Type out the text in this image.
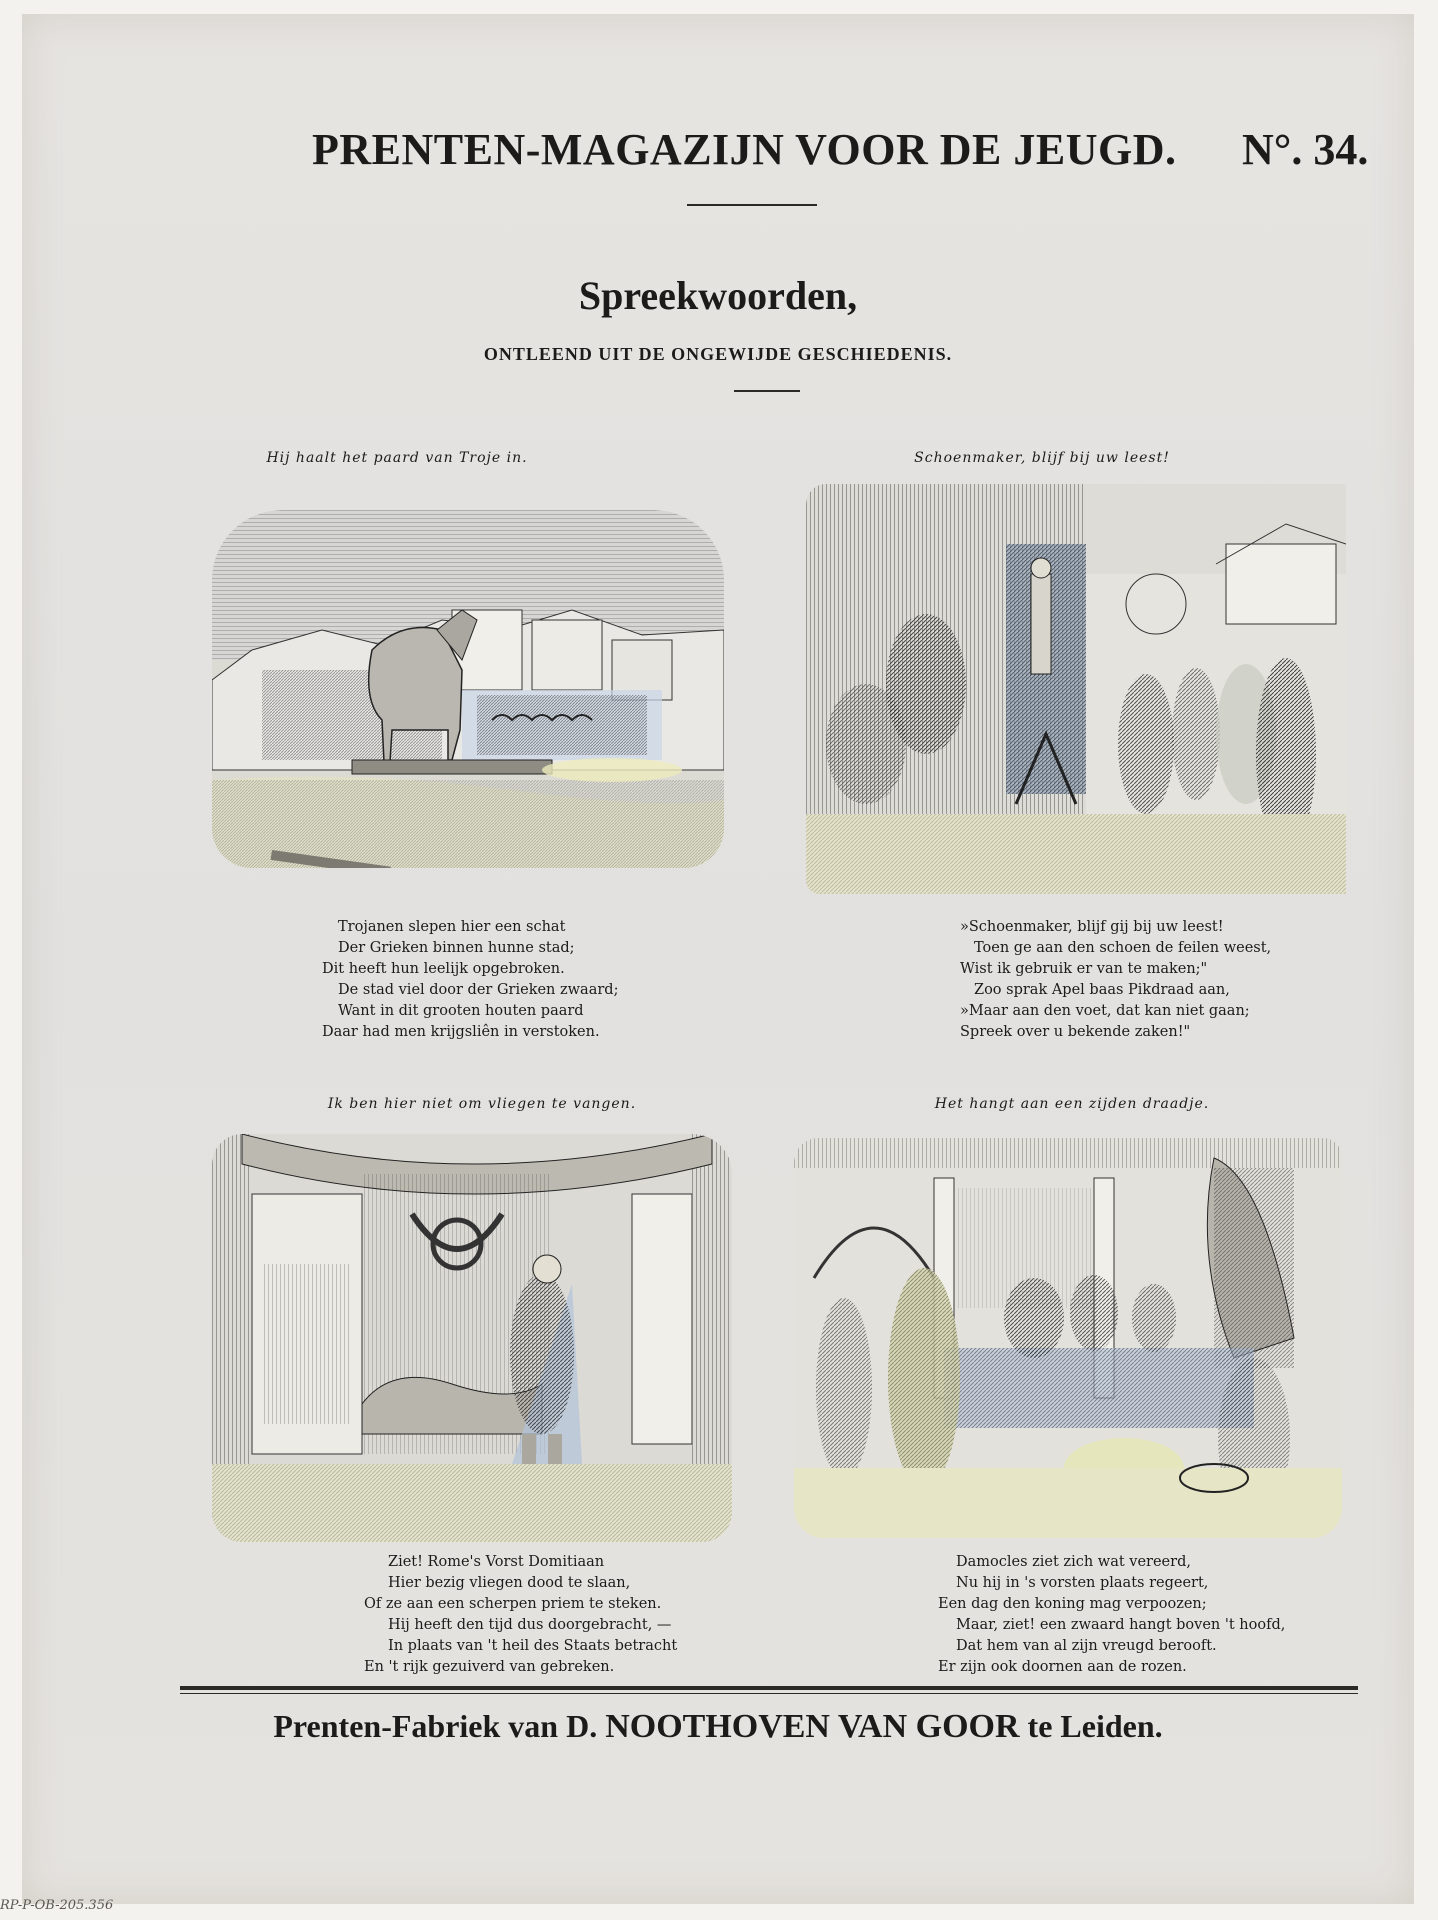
PRENTEN-MAGAZIJN VOOR DE JEUGD. N°. 34.
Spreekwoorden,
ONTLEEND UIT DE ONGEWIJDE GESCHIEDENIS.
Hij haalt het paard van Troje in.
Trojanen slepen hier een schat
Der Grieken binnen hunne stad;
Dit heeft hun leelijk opgebroken.
De stad viel door der Grieken zwaard;
Want in dit grooten houten paard
Daar had men krijgsliên in verstoken.
Schoenmaker, blijf bij uw leest!
»Schoenmaker, blijf gij bij uw leest!
Toen ge aan den schoen de feilen weest,
Wist ik gebruik er van te maken;"
Zoo sprak Apel baas Pikdraad aan,
»Maar aan den voet, dat kan niet gaan;
Spreek over u bekende zaken!"
Ik ben hier niet om vliegen te vangen.
Ziet! Rome's Vorst Domitiaan
Hier bezig vliegen dood te slaan,
Of ze aan een scherpen priem te steken.
Hij heeft den tijd dus doorgebracht, —
In plaats van 't heil des Staats betracht
En 't rijk gezuiverd van gebreken.
Het hangt aan een zijden draadje.
Damocles ziet zich wat vereerd,
Nu hij in 's vorsten plaats regeert,
Een dag den koning mag verpoozen;
Maar, ziet! een zwaard hangt boven 't hoofd,
Dat hem van al zijn vreugd berooft.
Er zijn ook doornen aan de rozen.
Prenten-Fabriek van D. NOOTHOVEN VAN GOOR te Leiden.
RP-P-OB-205.356
